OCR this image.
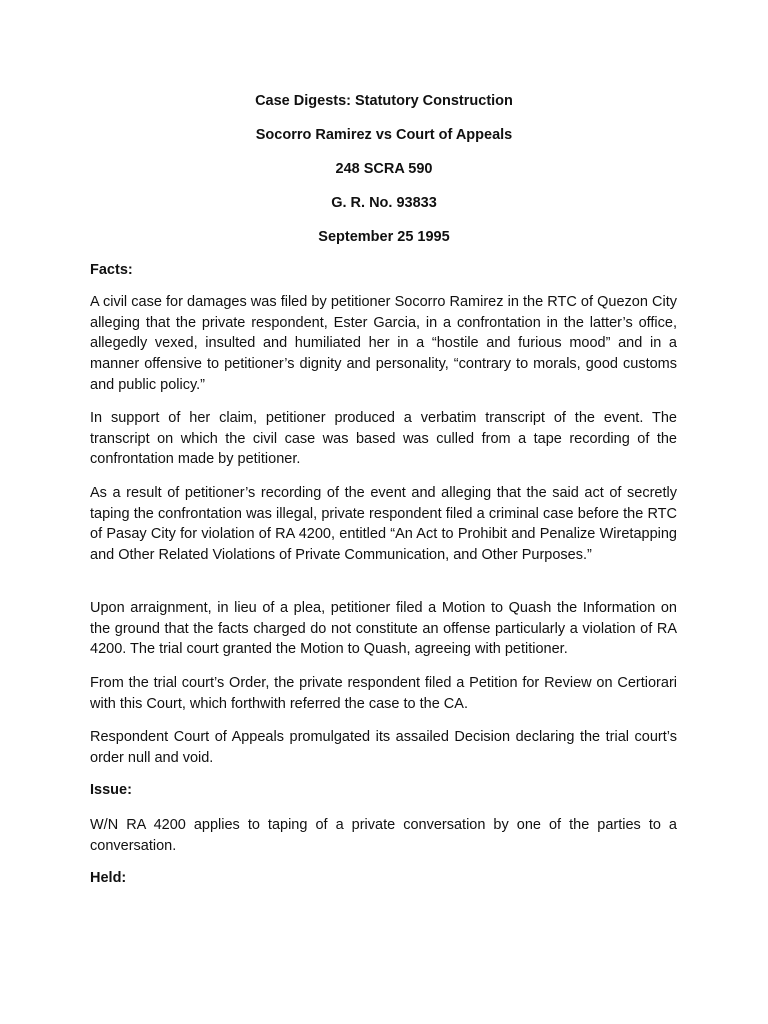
Case Digests: Statutory Construction
Socorro Ramirez vs Court of Appeals
248 SCRA 590
G. R. No. 93833
September 25 1995
Facts:

A civil case for damages was filed by petitioner Socorro Ramirez in the RTC of Quezon City alleging that the private respondent, Ester Garcia, in a confrontation in the latter’s office, allegedly vexed, insulted and humiliated her in a “hostile and furious mood” and in a manner offensive to petitioner’s dignity and personality, “contrary to morals, good customs and public policy.”

In support of her claim, petitioner produced a verbatim transcript of the event. The transcript on which the civil case was based was culled from a tape recording of the confrontation made by petitioner.

As a result of petitioner’s recording of the event and alleging that the said act of secretly taping the confrontation was illegal, private respondent filed a criminal case before the RTC of Pasay City for violation of RA 4200, entitled “An Act to Prohibit and Penalize Wiretapping and Other Related Violations of Private Communication, and Other Purposes.”

Upon arraignment, in lieu of a plea, petitioner filed a Motion to Quash the Information on the ground that the facts charged do not constitute an offense particularly a violation of RA 4200. The trial court granted the Motion to Quash, agreeing with petitioner.

From the trial court’s Order, the private respondent filed a Petition for Review on Certiorari with this Court, which forthwith referred the case to the CA.

Respondent Court of Appeals promulgated its assailed Decision declaring the trial court’s order null and void.

Issue:

W/N RA 4200 applies to taping of a private conversation by one of the parties to a conversation.

Held:
